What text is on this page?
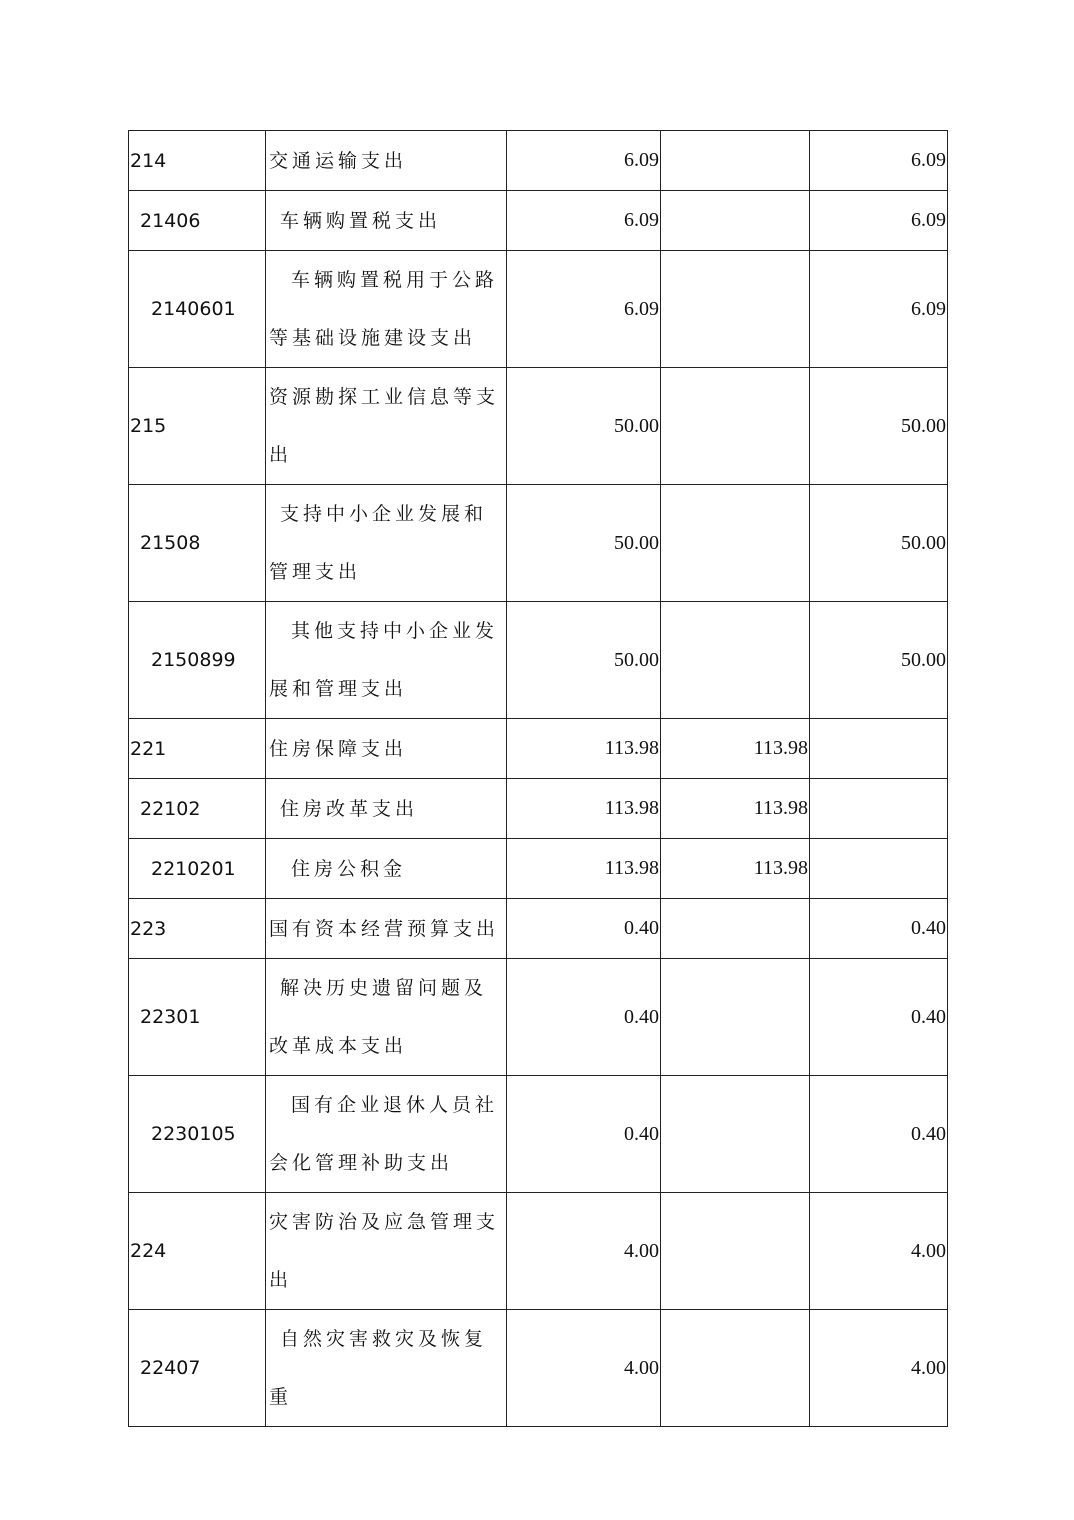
214	交通运输支出	6.09		6.09

21406	车辆购置税支出	6.09		6.09

2140601	车辆购置税用于公路等基础设施建设支出	6.09		6.09

215	资源勘探工业信息等支出	50.00		50.00

21508	支持中小企业发展和管理支出	50.00		50.00

2150899	其他支持中小企业发展和管理支出	50.00		50.00

221	住房保障支出	113.98	113.98	

22102	住房改革支出	113.98	113.98	

2210201	住房公积金	113.98	113.98	

223	国有资本经营预算支出	0.40		0.40

22301	解决历史遗留问题及改革成本支出	0.40		0.40

2230105	国有企业退休人员社会化管理补助支出	0.40		0.40

224	灾害防治及应急管理支出	4.00		4.00

22407	自然灾害救灾及恢复重	4.00		4.00
